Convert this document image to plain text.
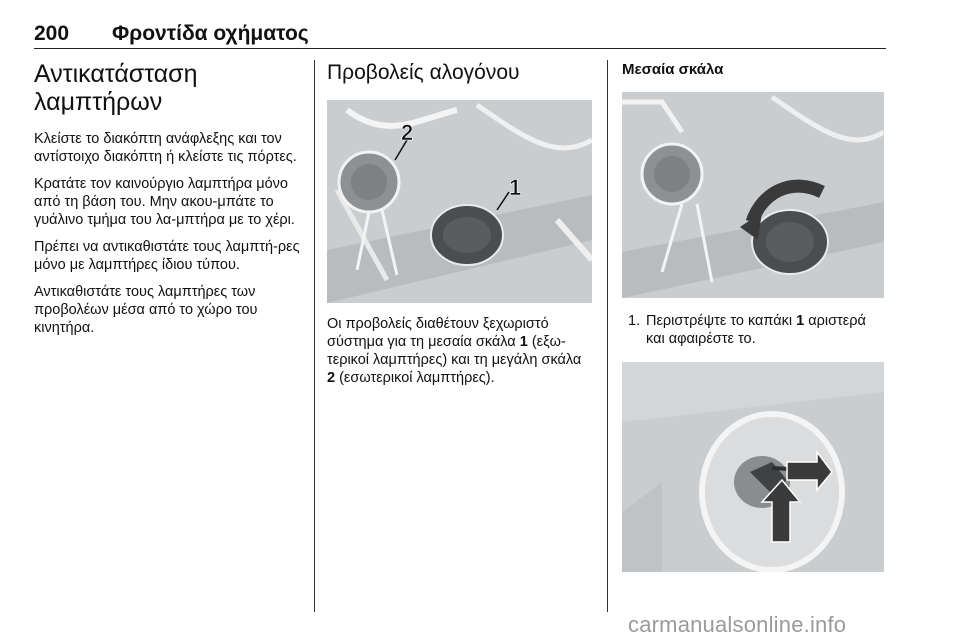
200 Φροντίδα οχήματος
Αντικατάσταση
λαμπτήρων

Κλείστε το διακόπτη ανάφλεξης και τον αντίστοιχο διακόπτη ή κλείστε τις πόρτες.

Κρατάτε τον καινούργιο λαμπτήρα μόνο από τη βάση του. Μην ακου-μπάτε το γυάλινο τμήμα του λα-μπτήρα με το χέρι.

Πρέπει να αντικαθιστάτε τους λαμπτή-ρες μόνο με λαμπτήρες ίδιου τύπου.

Αντικαθιστάτε τους λαμπτήρες των προβολέων μέσα από το χώρο του κινητήρα.

Προβολείς αλογόνου
2
1

Οι προβολείς διαθέτουν ξεχωριστό σύστημα για τη μεσαία σκάλα 1 (εξω-τερικοί λαμπτήρες) και τη μεγάλη σκάλα 2 (εσωτερικοί λαμπτήρες).

Μεσαία σκάλα
1. Περιστρέψτε το καπάκι 1 αριστερά και αφαιρέστε το.
carmanualsonline.info
